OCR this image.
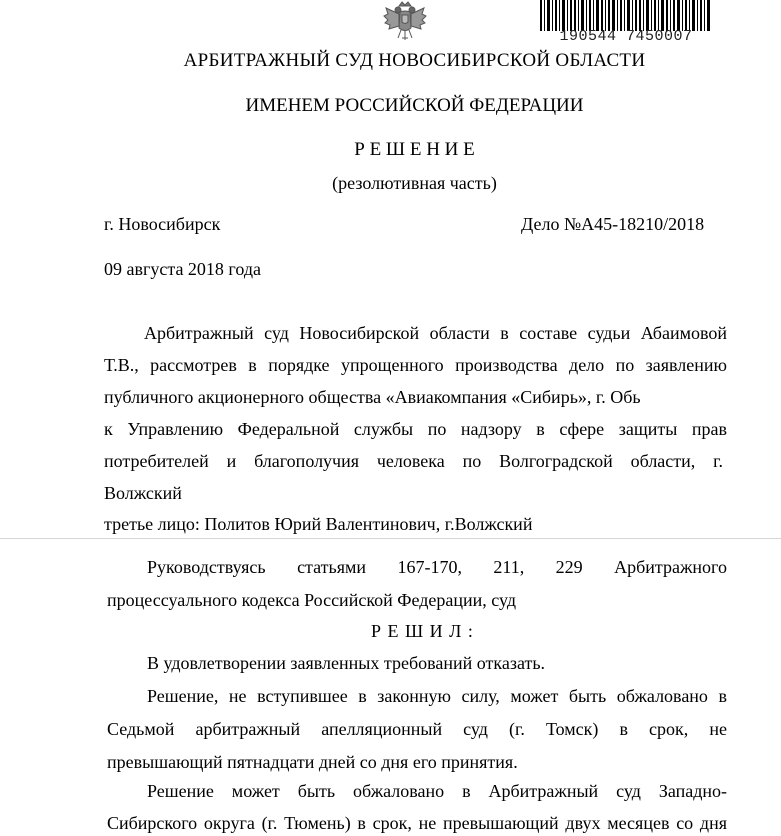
190544 7450007
АРБИТРАЖНЫЙ СУД НОВОСИБИРСКОЙ ОБЛАСТИ
ИМЕНЕМ РОССИЙСКОЙ ФЕДЕРАЦИИ
Р Е Ш Е Н И Е
(резолютивная часть)
г. Новосибирск	Дело №А45-18210/2018
09 августа 2018 года
Арбитражный суд Новосибирской области в составе судьи Абаимовой
Т.В., рассмотрев в порядке упрощенного производства дело по заявлению
публичного акционерного общества «Авиакомпания «Сибирь», г. Обь
к Управлению Федеральной службы по надзору в сфере защиты прав
потребителей и благополучия человека по Волгоградской области, г.
Волжский
третье лицо: Политов Юрий Валентинович, г.Волжский
Руководствуясь статьями 167-170, 211, 229 Арбитражного
процессуального кодекса Российской Федерации, суд
Р Е Ш И Л :
В удовлетворении заявленных требований отказать.
Решение, не вступившее в законную силу, может быть обжаловано в
Седьмой арбитражный апелляционный суд (г. Томск) в срок, не
превышающий пятнадцати дней со дня его принятия.
Решение может быть обжаловано в Арбитражный суд Западно-
Сибирского округа (г. Тюмень) в срок, не превышающий двух месяцев со дня
